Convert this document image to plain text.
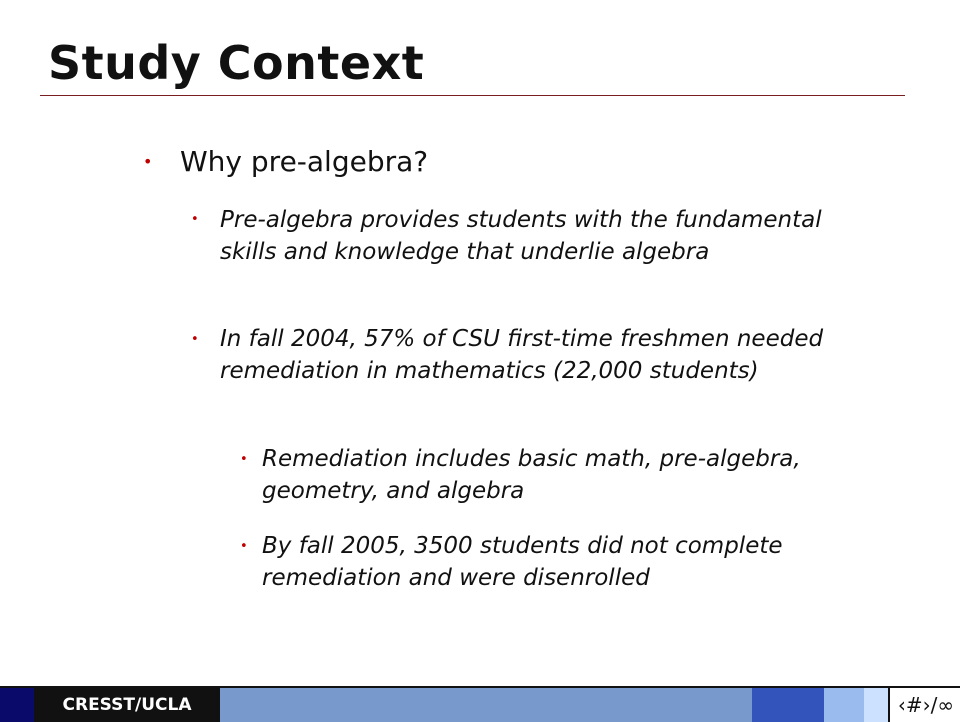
Study Context
• Why pre-algebra?
• Pre-algebra provides students with the fundamental skills and knowledge that underlie algebra
• In fall 2004, 57% of CSU first-time freshmen needed remediation in mathematics (22,000 students)
• Remediation includes basic math, pre-algebra, geometry, and algebra
• By fall 2005, 3500 students did not complete remediation and were disenrolled
CRESST/UCLA	‹#›/∞
